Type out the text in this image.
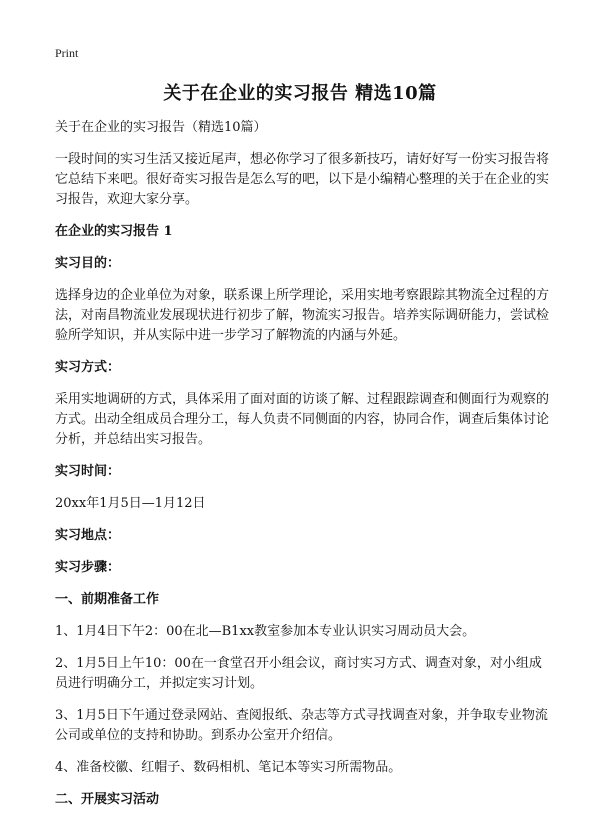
Print
关于在企业的实习报告 精选10篇

关于在企业的实习报告（精选10篇）

一段时间的实习生活又接近尾声，想必你学习了很多新技巧，请好好写一份实习报告将它总结下来吧。很好奇实习报告是怎么写的吧，以下是小编精心整理的关于在企业的实习报告，欢迎大家分享。

在企业的实习报告 1

实习目的：

选择身边的企业单位为对象，联系课上所学理论，采用实地考察跟踪其物流全过程的方法，对南昌物流业发展现状进行初步了解，物流实习报告。培养实际调研能力，尝试检验所学知识，并从实际中进一步学习了解物流的内涵与外延。

实习方式：

采用实地调研的方式，具体采用了面对面的访谈了解、过程跟踪调查和侧面行为观察的方式。出动全组成员合理分工，每人负责不同侧面的内容，协同合作，调查后集体讨论分析，并总结出实习报告。

实习时间：

20xx年1月5日—1月12日

实习地点：

实习步骤：

一、前期准备工作

1、1月4日下午2：00在北—B1xx教室参加本专业认识实习周动员大会。

2、1月5日上午10：00在一食堂召开小组会议，商讨实习方式、调查对象，对小组成员进行明确分工，并拟定实习计划。

3、1月5日下午通过登录网站、查阅报纸、杂志等方式寻找调查对象，并争取专业物流公司或单位的支持和协助。到系办公室开介绍信。

4、准备校徽、红帽子、数码相机、笔记本等实习所需物品。

二、开展实习活动
